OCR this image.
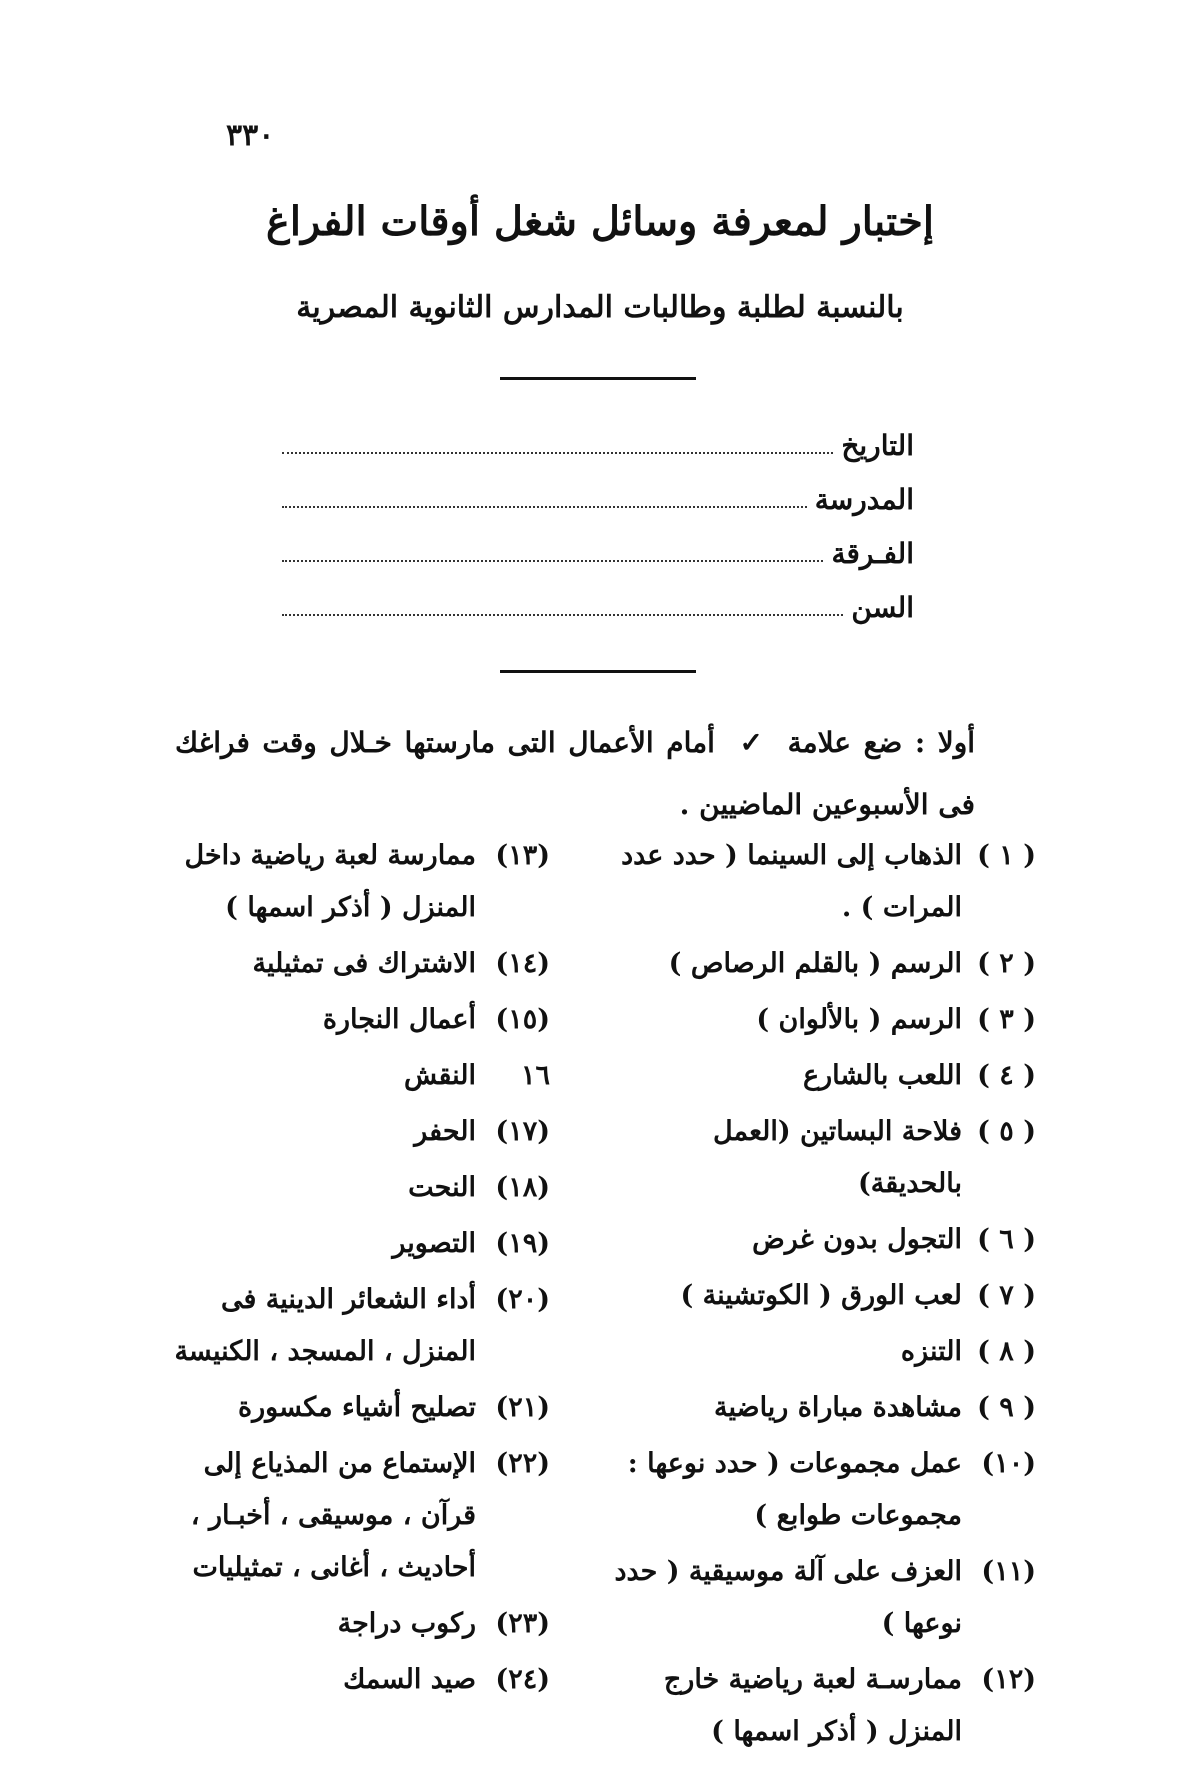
٣٣٠
إختبار لمعرفة وسائل شغل أوقات الفراغ
بالنسبة لطلبة وطالبات المدارس الثانوية المصرية
التاريخ
المدرسة
الفـرقة
السن
أولا : ضع علامة ✓ أمام الأعمال التى مارستها خـلال وقت فراغك فى الأسبوعين الماضيين .
( ١ )
الذهاب إلى السينما ( حدد عدد المرات ) .
( ٢ )
الرسم ( بالقلم الرصاص )
( ٣ )
الرسم ( بالألوان )
( ٤ )
اللعب بالشارع
( ٥ )
فلاحة البساتين (العمل بالحديقة)
( ٦ )
التجول بدون غرض
( ٧ )
لعب الورق ( الكوتشينة )
( ٨ )
التنزه
( ٩ )
مشاهدة مباراة رياضية
(١٠)
عمل مجموعات ( حدد نوعها : مجموعات طوابع )
(١١)
العزف على آلة موسيقية ( حدد نوعها )
(١٢)
ممارسـة لعبة رياضية خارج المنزل ( أذكر اسمها )
(١٣)
ممارسة لعبة رياضية داخل المنزل ( أذكر اسمها )
(١٤)
الاشتراك فى تمثيلية
(١٥)
أعمال النجارة
١٦
النقش
(١٧)
الحفر
(١٨)
النحت
(١٩)
التصوير
(٢٠)
أداء الشعائر الدينية فى المنزل ، المسجد ، الكنيسة
(٢١)
تصليح أشياء مكسورة
(٢٢)
الإستماع من المذياع إلى قرآن ، موسيقى ، أخبـار ، أحاديث ، أغانى ، تمثيليات
(٢٣)
ركوب دراجة
(٢٤)
صيد السمك
